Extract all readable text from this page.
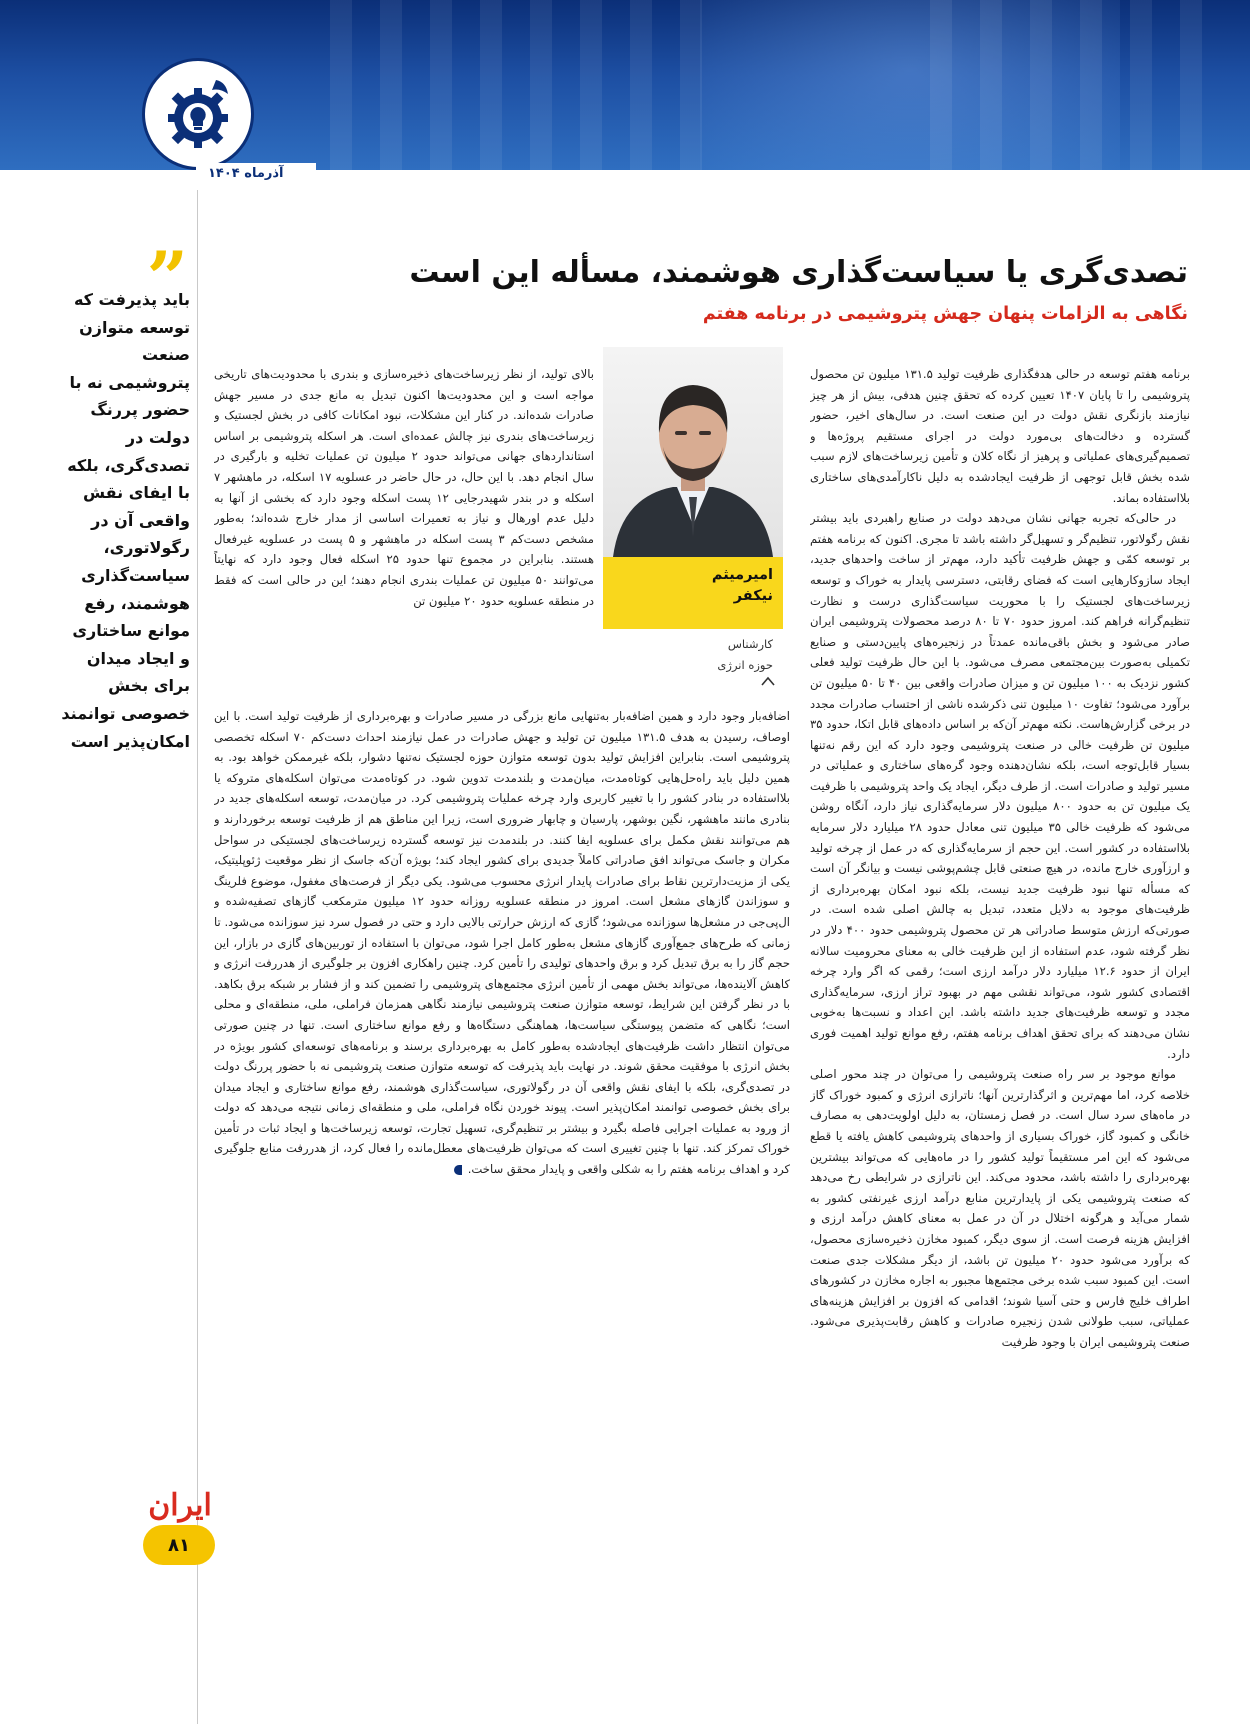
آذرماه ۱۴۰۴
باید پذیرفت که توسعه متوازن صنعت پتروشیمی نه با حضور پررنگ دولت در تصدی‌گری، بلکه با ایفای نقش واقعی آن در رگولاتوری، سیاست‌گذاری هوشمند، رفع موانع ساختاری و ایجاد میدان برای بخش خصوصی توانمند امکان‌پذیر است
ایران
۸۱
تصدی‌گری یا سیاست‌گذاری هوشمند، مسأله این است
نگاهی به الزامات پنهان جهش پتروشیمی در برنامه هفتم
امیرمیثم
نیکفر
کارشناس
حوزه انرژی

برنامه هفتم توسعه در حالی هدفگذاری ظرفیت تولید ۱۳۱.۵ میلیون تن محصول پتروشیمی را تا پایان ۱۴۰۷ تعیین کرده که تحقق چنین هدفی، بیش از هر چیز نیازمند بازنگری نقش دولت در این صنعت است. در سال‌های اخیر، حضور گسترده و دخالت‌های بی‌مورد دولت در اجرای مستقیم پروژه‌ها و تصمیم‌گیری‌های عملیاتی و پرهیز از نگاه کلان و تأمین زیرساخت‌های لازم سبب شده بخش قابل توجهی از ظرفیت ایجادشده به دلیل ناکارآمدی‌های ساختاری بلااستفاده بماند.

در حالی‌که تجربه جهانی نشان می‌دهد دولت در صنایع راهبردی باید بیشتر نقش رگولاتور، تنظیم‌گر و تسهیل‌گر داشته باشد تا مجری. اکنون که برنامه هفتم بر توسعه کمّی و جهش ظرفیت تأکید دارد، مهم‌تر از ساخت واحدهای جدید، ایجاد سازوکارهایی است که فضای رقابتی، دسترسی پایدار به خوراک و توسعه زیرساخت‌های لجستیک را با محوریت سیاست‌گذاری درست و نظارت تنظیم‌گرانه فراهم کند. امروز حدود ۷۰ تا ۸۰ درصد محصولات پتروشیمی ایران صادر می‌شود و بخش باقی‌مانده عمدتاً در زنجیره‌های پایین‌دستی و صنایع تکمیلی به‌صورت بین‌مجتمعی مصرف می‌شود. با این حال ظرفیت تولید فعلی کشور نزدیک به ۱۰۰ میلیون تن و میزان صادرات واقعی بین ۴۰ تا ۵۰ میلیون تن برآورد می‌شود؛ تفاوت ۱۰ میلیون تنی ذکرشده ناشی از احتساب صادرات مجدد در برخی گزارش‌هاست. نکته مهم‌تر آن‌که بر اساس داده‌های قابل اتکا، حدود ۳۵ میلیون تن ظرفیت خالی در صنعت پتروشیمی وجود دارد که این رقم نه‌تنها بسیار قابل‌توجه است، بلکه نشان‌دهنده وجود گره‌های ساختاری و عملیاتی در مسیر تولید و صادرات است. از طرف دیگر، ایجاد یک واحد پتروشیمی با ظرفیت یک میلیون تن به حدود ۸۰۰ میلیون دلار سرمایه‌گذاری نیاز دارد، آنگاه روشن می‌شود که ظرفیت خالی ۳۵ میلیون تنی معادل حدود ۲۸ میلیارد دلار سرمایه بلااستفاده در کشور است. این حجم از سرمایه‌گذاری که در عمل از چرخه تولید و ارزآوری خارج مانده، در هیچ صنعتی قابل چشم‌پوشی نیست و بیانگر آن است که مسأله تنها نبود ظرفیت جدید نیست، بلکه نبود امکان بهره‌برداری از ظرفیت‌های موجود به دلایل متعدد، تبدیل به چالش اصلی شده است. در صورتی‌که ارزش متوسط صادراتی هر تن محصول پتروشیمی حدود ۴۰۰ دلار در نظر گرفته شود، عدم استفاده از این ظرفیت خالی به معنای محرومیت سالانه ایران از حدود ۱۲.۶ میلیارد دلار درآمد ارزی است؛ رقمی که اگر وارد چرخه اقتصادی کشور شود، می‌تواند نقشی مهم در بهبود تراز ارزی، سرمایه‌گذاری مجدد و توسعه ظرفیت‌های جدید داشته باشد. این اعداد و نسبت‌ها به‌خوبی نشان می‌دهند که برای تحقق اهداف برنامه هفتم، رفع موانع تولید اهمیت فوری دارد.

موانع موجود بر سر راه صنعت پتروشیمی را می‌توان در چند محور اصلی خلاصه کرد، اما مهم‌ترین و اثرگذارترین آنها؛ ناترازی انرژی و کمبود خوراک گاز در ماه‌های سرد سال است. در فصل زمستان، به دلیل اولویت‌دهی به مصارف خانگی و کمبود گاز، خوراک بسیاری از واحدهای پتروشیمی کاهش یافته یا قطع می‌شود که این امر مستقیماً تولید کشور را در ماه‌هایی که می‌تواند بیشترین بهره‌برداری را داشته باشد، محدود می‌کند. این ناترازی در شرایطی رخ می‌دهد که صنعت پتروشیمی یکی از پایدارترین منابع درآمد ارزی غیرنفتی کشور به شمار می‌آید و هرگونه اختلال در آن در عمل به معنای کاهش درآمد ارزی و افزایش هزینه فرصت است. از سوی دیگر، کمبود مخازن ذخیره‌سازی محصول، که برآورد می‌شود حدود ۲۰ میلیون تن باشد، از دیگر مشکلات جدی صنعت است. این کمبود سبب شده برخی مجتمع‌ها مجبور به اجاره مخازن در کشورهای اطراف خلیج فارس و حتی آسیا شوند؛ اقدامی که افزون بر افزایش هزینه‌های عملیاتی، سبب طولانی شدن زنجیره صادرات و کاهش رقابت‌پذیری می‌شود. صنعت پتروشیمی ایران با وجود ظرفیت

بالای تولید، از نظر زیرساخت‌های ذخیره‌سازی و بندری با محدودیت‌های تاریخی مواجه است و این محدودیت‌ها اکنون تبدیل به مانع جدی در مسیر جهش صادرات شده‌اند. در کنار این مشکلات، نبود امکانات کافی در بخش لجستیک و زیرساخت‌های بندری نیز چالش عمده‌ای است. هر اسکله پتروشیمی بر اساس استانداردهای جهانی می‌تواند حدود ۲ میلیون تن عملیات تخلیه و بارگیری در سال انجام دهد. با این حال، در حال حاضر در عسلویه ۱۷ اسکله، در ماهشهر ۷ اسکله و در بندر شهیدرجایی ۱۲ پست اسکله وجود دارد که بخشی از آنها به دلیل عدم اورهال و نیاز به تعمیرات اساسی از مدار خارج شده‌اند؛ به‌طور مشخص دست‌کم ۳ پست اسکله در ماهشهر و ۵ پست در عسلویه غیرفعال هستند. بنابراین در مجموع تنها حدود ۲۵ اسکله فعال وجود دارد که نهایتاً می‌توانند ۵۰ میلیون تن عملیات بندری انجام دهند؛ این در حالی است که فقط در منطقه عسلویه حدود ۲۰ میلیون تن

اضافه‌بار وجود دارد و همین اضافه‌بار به‌تنهایی مانع بزرگی در مسیر صادرات و بهره‌برداری از ظرفیت تولید است. با این اوصاف، رسیدن به هدف ۱۳۱.۵ میلیون تن تولید و جهش صادرات در عمل نیازمند احداث دست‌کم ۷۰ اسکله تخصصی پتروشیمی است. بنابراین افزایش تولید بدون توسعه متوازن حوزه لجستیک نه‌تنها دشوار، بلکه غیرممکن خواهد بود. به همین دلیل باید راه‌حل‌هایی کوتاه‌مدت، میان‌مدت و بلندمدت تدوین شود. در کوتاه‌مدت می‌توان اسکله‌های متروکه یا بلااستفاده در بنادر کشور را با تغییر کاربری وارد چرخه عملیات پتروشیمی کرد. در میان‌مدت، توسعه اسکله‌های جدید در بنادری مانند ماهشهر، نگین بوشهر، پارسیان و چابهار ضروری است، زیرا این مناطق هم از ظرفیت توسعه برخوردارند و هم می‌توانند نقش مکمل برای عسلویه ایفا کنند. در بلندمدت نیز توسعه گسترده زیرساخت‌های لجستیکی در سواحل مکران و جاسک می‌تواند افق صادراتی کاملاً جدیدی برای کشور ایجاد کند؛ بویژه آن‌که جاسک از نظر موقعیت ژئوپلیتیک، یکی از مزیت‌دارترین نقاط برای صادرات پایدار انرژی محسوب می‌شود. یکی دیگر از فرصت‌های مغفول، موضوع فلرینگ و سوزاندن گازهای مشعل است. امروز در منطقه عسلویه روزانه حدود ۱۲ میلیون مترمکعب گازهای تصفیه‌شده و ال‌پی‌جی در مشعل‌ها سوزانده می‌شود؛ گازی که ارزش حرارتی بالایی دارد و حتی در فصول سرد نیز سوزانده می‌شود. تا زمانی که طرح‌های جمع‌آوری گازهای مشعل به‌طور کامل اجرا شود، می‌توان با استفاده از توربین‌های گازی در بازار، این حجم گاز را به برق تبدیل کرد و برق واحدهای تولیدی را تأمین کرد. چنین راهکاری افزون بر جلوگیری از هدررفت انرژی و کاهش آلاینده‌ها، می‌تواند بخش مهمی از تأمین انرژی مجتمع‌های پتروشیمی را تضمین کند و از فشار بر شبکه برق بکاهد. با در نظر گرفتن این شرایط، توسعه متوازن صنعت پتروشیمی نیازمند نگاهی همزمان فراملی، ملی، منطقه‌ای و محلی است؛ نگاهی که متضمن پیوستگی سیاست‌ها، هماهنگی دستگاه‌ها و رفع موانع ساختاری است. تنها در چنین صورتی می‌توان انتظار داشت ظرفیت‌های ایجادشده به‌طور کامل به بهره‌برداری برسند و برنامه‌های توسعه‌ای کشور بویژه در بخش انرژی با موفقیت محقق شوند. در نهایت باید پذیرفت که توسعه متوازن صنعت پتروشیمی نه با حضور پررنگ دولت در تصدی‌گری، بلکه با ایفای نقش واقعی آن در رگولاتوری، سیاست‌گذاری هوشمند، رفع موانع ساختاری و ایجاد میدان برای بخش خصوصی توانمند امکان‌پذیر است. پیوند خوردن نگاه فراملی، ملی و منطقه‌ای زمانی نتیجه می‌دهد که دولت از ورود به عملیات اجرایی فاصله بگیرد و بیشتر بر تنظیم‌گری، تسهیل تجارت، توسعه زیرساخت‌ها و ایجاد ثبات در تأمین خوراک تمرکز کند. تنها با چنین تغییری است که می‌توان ظرفیت‌های معطل‌مانده را فعال کرد، از هدررفت منابع جلوگیری کرد و اهداف برنامه هفتم را به شکلی واقعی و پایدار محقق ساخت.
